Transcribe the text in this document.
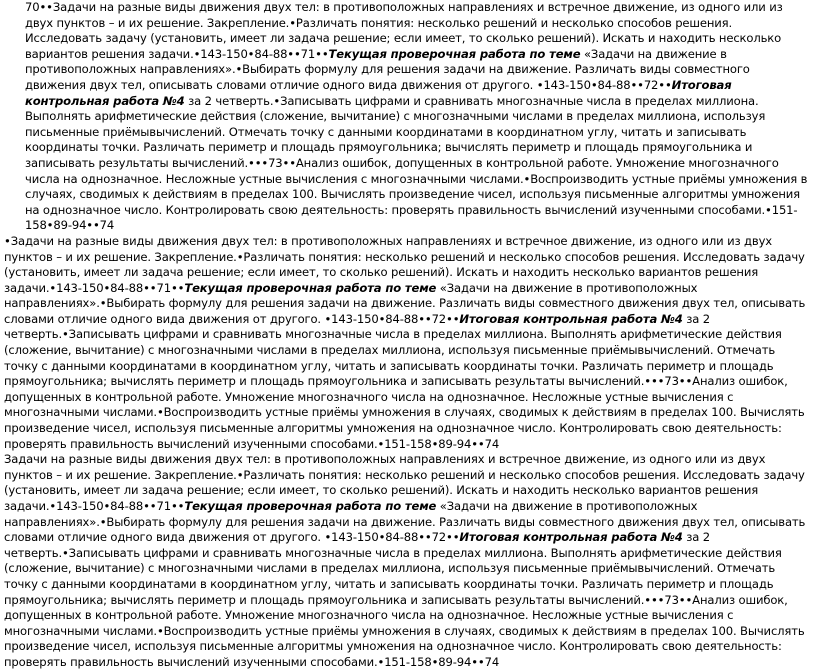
70••Задачи на разные виды движения двух тел: в противоположных направлениях и встречное движение, из одного или из двух пунктов – и их решение. Закрепление.•Различать понятия: несколько решений и несколько способов решения. Исследовать задачу (установить, имеет ли задача решение; если имеет, то сколько решений). Искать и находить несколько вариантов решения задачи.•143-150•84-88••71••Текущая проверочная работа по теме «Задачи на движение в противоположных направлениях».•Выбирать формулу для решения задачи на движение. Различать виды совместного движения двух тел, описывать словами отличие одного вида движения от другого. •143-150•84-88••72••Итоговая контрольная работа №4 за 2 четверть.•Записывать цифрами и сравнивать многозначные числа в пределах миллиона. Выполнять арифметические действия (сложение, вычитание) с многозначными числами в пределах миллиона, используя письменные приёмывычислений. Отмечать точку с данными координатами в координатном углу, читать и записывать координаты точки. Различать периметр и площадь прямоугольника; вычислять периметр и площадь прямоугольника и записывать результаты вычислений.•••73••Анализ ошибок, допущенных в контрольной работе. Умножение многозначного числа на однозначное. Несложные устные вычисления с многозначными числами.•Воспроизводить устные приёмы умножения в случаях, сводимых к действиям в пределах 100. Вычислять произведение чисел, используя письменные алгоритмы умножения на однозначное число. Контролировать свою деятельность: проверять правильность вычислений изученными способами.•151-158•89-94••74

•Задачи на разные виды движения двух тел: в противоположных направлениях и встречное движение, из одного или из двух пунктов – и их решение. Закрепление.•Различать понятия: несколько решений и несколько способов решения. Исследовать задачу (установить, имеет ли задача решение; если имеет, то сколько решений). Искать и находить несколько вариантов решения задачи.•143-150•84-88••71••Текущая проверочная работа по теме «Задачи на движение в противоположных направлениях».•Выбирать формулу для решения задачи на движение. Различать виды совместного движения двух тел, описывать словами отличие одного вида движения от другого. •143-150•84-88••72••Итоговая контрольная работа №4 за 2 четверть.•Записывать цифрами и сравнивать многозначные числа в пределах миллиона. Выполнять арифметические действия (сложение, вычитание) с многозначными числами в пределах миллиона, используя письменные приёмывычислений. Отмечать точку с данными координатами в координатном углу, читать и записывать координаты точки. Различать периметр и площадь прямоугольника; вычислять периметр и площадь прямоугольника и записывать результаты вычислений.•••73••Анализ ошибок, допущенных в контрольной работе. Умножение многозначного числа на однозначное. Несложные устные вычисления с многозначными числами.•Воспроизводить устные приёмы умножения в случаях, сводимых к действиям в пределах 100. Вычислять произведение чисел, используя письменные алгоритмы умножения на однозначное число. Контролировать свою деятельность: проверять правильность вычислений изученными способами.•151-158•89-94••74

Задачи на разные виды движения двух тел: в противоположных направлениях и встречное движение, из одного или из двух пунктов – и их решение. Закрепление.•Различать понятия: несколько решений и несколько способов решения. Исследовать задачу (установить, имеет ли задача решение; если имеет, то сколько решений). Искать и находить несколько вариантов решения задачи.•143-150•84-88••71••Текущая проверочная работа по теме «Задачи на движение в противоположных направлениях».•Выбирать формулу для решения задачи на движение. Различать виды совместного движения двух тел, описывать словами отличие одного вида движения от другого. •143-150•84-88••72••Итоговая контрольная работа №4 за 2 четверть.•Записывать цифрами и сравнивать многозначные числа в пределах миллиона. Выполнять арифметические действия (сложение, вычитание) с многозначными числами в пределах миллиона, используя письменные приёмывычислений. Отмечать точку с данными координатами в координатном углу, читать и записывать координаты точки. Различать периметр и площадь прямоугольника; вычислять периметр и площадь прямоугольника и записывать результаты вычислений.•••73••Анализ ошибок, допущенных в контрольной работе. Умножение многозначного числа на однозначное. Несложные устные вычисления с многозначными числами.•Воспроизводить устные приёмы умножения в случаях, сводимых к действиям в пределах 100. Вычислять произведение чисел, используя письменные алгоритмы умножения на однозначное число. Контролировать свою деятельность: проверять правильность вычислений изученными способами.•151-158•89-94••74
